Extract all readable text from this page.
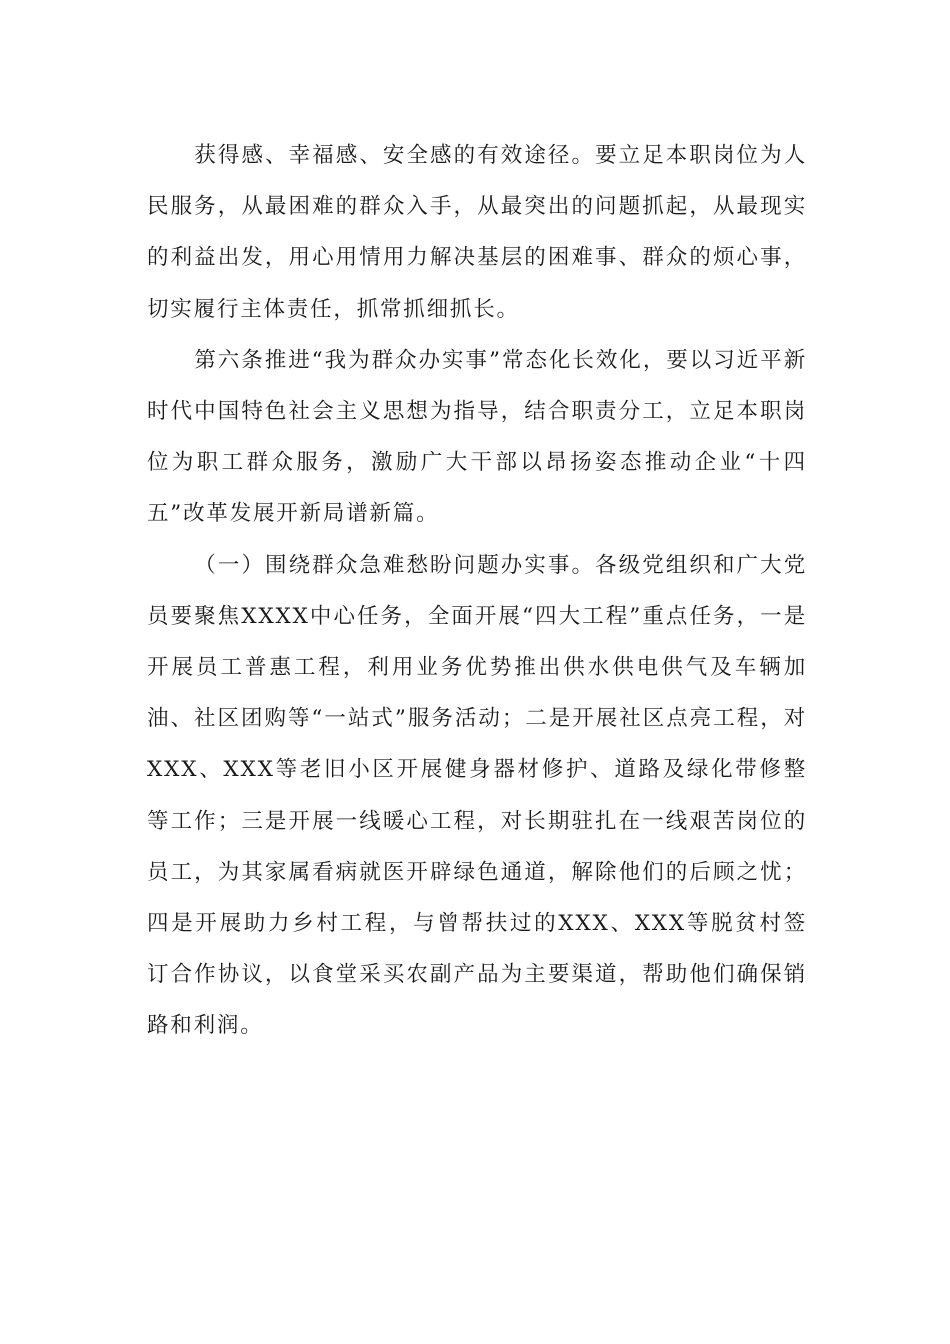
获得感、幸福感、安全感的有效途径。要立足本职岗位为人民服务，从最困难的群众入手，从最突出的问题抓起，从最现实的利益出发，用心用情用力解决基层的困难事、群众的烦心事，切实履行主体责任，抓常抓细抓长。

第六条推进“我为群众办实事”常态化长效化，要以习近平新时代中国特色社会主义思想为指导，结合职责分工，立足本职岗位为职工群众服务，激励广大干部以昂扬姿态推动企业“十四五”改革发展开新局谱新篇。

（一）围绕群众急难愁盼问题办实事。各级党组织和广大党员要聚焦XXXX中心任务，全面开展“四大工程”重点任务，一是开展员工普惠工程，利用业务优势推出供水供电供气及车辆加油、社区团购等“一站式”服务活动；二是开展社区点亮工程，对XXX、XXX等老旧小区开展健身器材修护、道路及绿化带修整等工作；三是开展一线暖心工程，对长期驻扎在一线艰苦岗位的员工，为其家属看病就医开辟绿色通道，解除他们的后顾之忧；四是开展助力乡村工程，与曾帮扶过的XXX、XXX等脱贫村签订合作协议，以食堂采买农副产品为主要渠道，帮助他们确保销路和利润。
